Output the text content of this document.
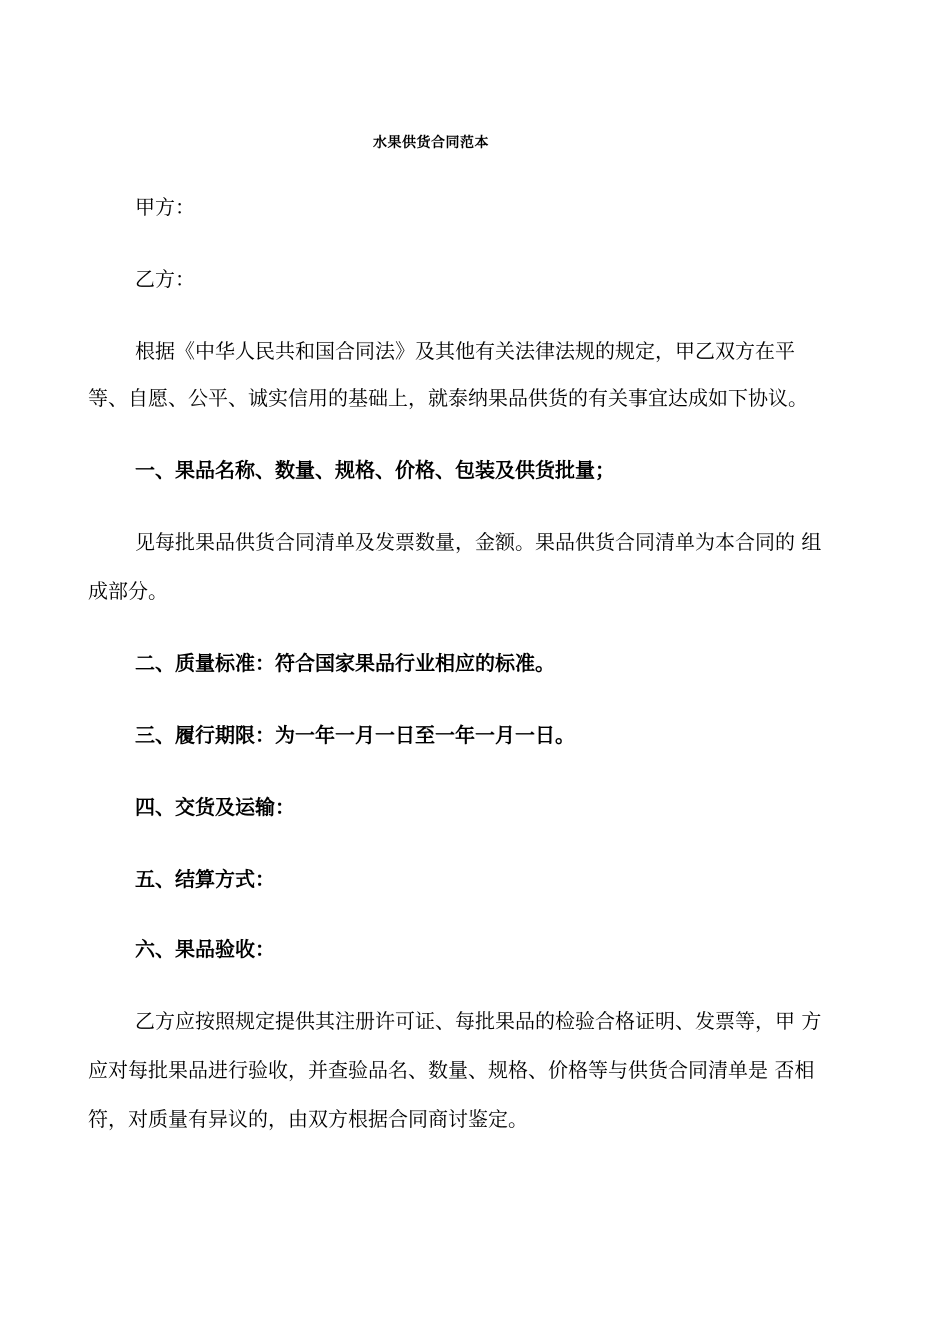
水果供货合同范本
甲方：
乙方：
根据《中华人民共和国合同法》及其他有关法律法规的规定，甲乙双方在平
等、自愿、公平、诚实信用的基础上，就泰纳果品供货的有关事宜达成如下协议。
一、果品名称、数量、规格、价格、包装及供货批量；
见每批果品供货合同清单及发票数量，金额。果品供货合同清单为本合同的 组
成部分。
二、质量标准：符合国家果品行业相应的标准。
三、履行期限：为一年一月一日至一年一月一日。
四、交货及运输：
五、结算方式：
六、果品验收：
乙方应按照规定提供其注册许可证、每批果品的检验合格证明、发票等，甲 方
应对每批果品进行验收，并查验品名、数量、规格、价格等与供货合同清单是 否相
符，对质量有异议的，由双方根据合同商讨鉴定。
